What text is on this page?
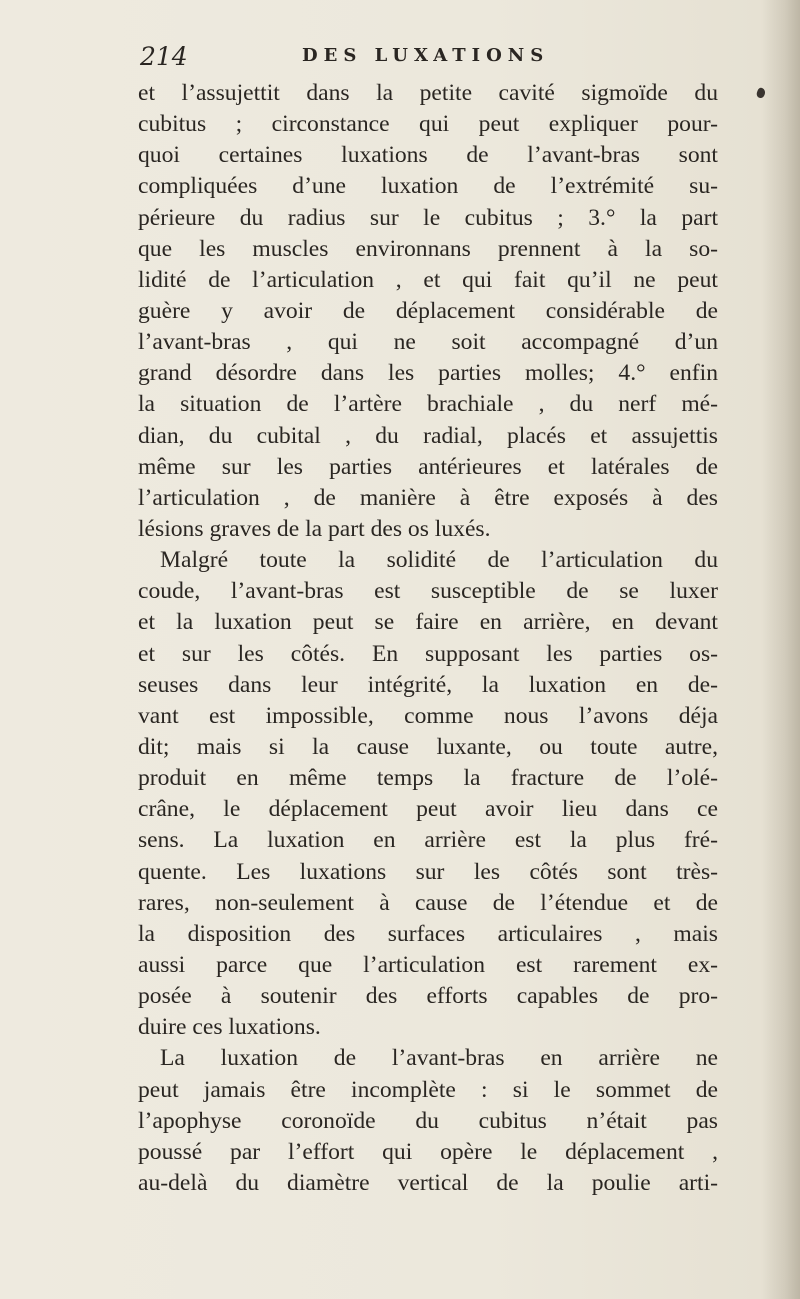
214	DES LUXATIONS
et l’assujettit dans la petite cavité sigmoïde du
cubitus ; circonstance qui peut expliquer pour-
quoi certaines luxations de l’avant-bras sont
compliquées d’une luxation de l’extrémité su-
périeure du radius sur le cubitus ; 3.° la part
que les muscles environnans prennent à la so-
lidité de l’articulation , et qui fait qu’il ne peut
guère y avoir de déplacement considérable de
l’avant-bras , qui ne soit accompagné d’un
grand désordre dans les parties molles; 4.° enfin
la situation de l’artère brachiale , du nerf mé-
dian, du cubital , du radial, placés et assujettis
même sur les parties antérieures et latérales de
l’articulation , de manière à être exposés à des
lésions graves de la part des os luxés.
Malgré toute la solidité de l’articulation du
coude, l’avant-bras est susceptible de se luxer
et la luxation peut se faire en arrière, en devant
et sur les côtés. En supposant les parties os-
seuses dans leur intégrité, la luxation en de-
vant est impossible, comme nous l’avons déja
dit; mais si la cause luxante, ou toute autre,
produit en même temps la fracture de l’olé-
crâne, le déplacement peut avoir lieu dans ce
sens. La luxation en arrière est la plus fré-
quente. Les luxations sur les côtés sont très-
rares, non-seulement à cause de l’étendue et de
la disposition des surfaces articulaires , mais
aussi parce que l’articulation est rarement ex-
posée à soutenir des efforts capables de pro-
duire ces luxations.
La luxation de l’avant-bras en arrière ne
peut jamais être incomplète : si le sommet de
l’apophyse coronoïde du cubitus n’était pas
poussé par l’effort qui opère le déplacement ,
au-delà du diamètre vertical de la poulie arti-
